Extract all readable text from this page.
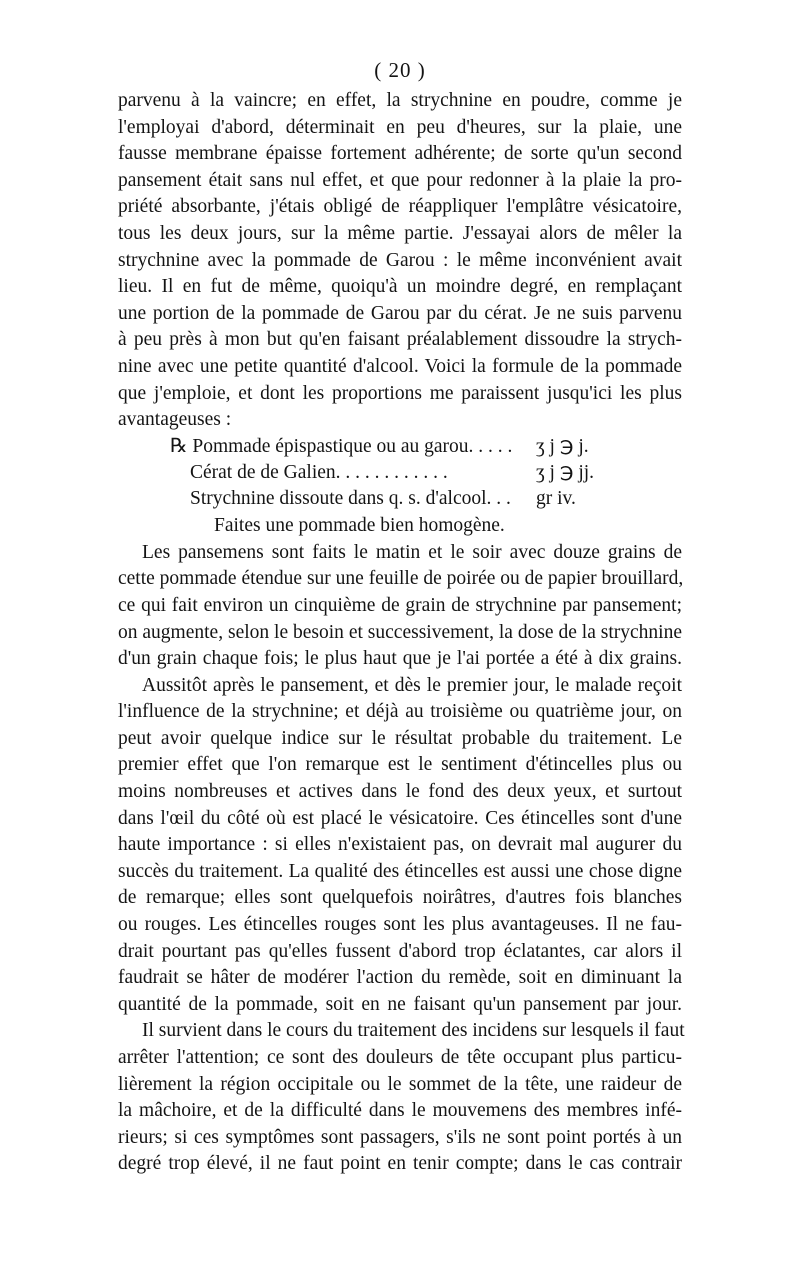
( 20 )
parvenu à la vaincre; en effet, la strychnine en poudre, comme je
l'employai d'abord, déterminait en peu d'heures, sur la plaie, une
fausse membrane épaisse fortement adhérente; de sorte qu'un second
pansement était sans nul effet, et que pour redonner à la plaie la pro-
priété absorbante, j'étais obligé de réappliquer l'emplâtre vésicatoire,
tous les deux jours, sur la même partie. J'essayai alors de mêler la
strychnine avec la pommade de Garou : le même inconvénient avait
lieu. Il en fut de même, quoiqu'à un moindre degré, en remplaçant
une portion de la pommade de Garou par du cérat. Je ne suis parvenu
à peu près à mon but qu'en faisant préalablement dissoudre la strych-
nine avec une petite quantité d'alcool. Voici la formule de la pommade
que j'emploie, et dont les proportions me paraissent jusqu'ici les plus
avantageuses :
℞ Pommade épispastique ou au garou. . . . . ʒ j ℈ j.
Cérat de de Galien. . . . . . . . . . . .	ʒ j ℈ jj.
Strychnine dissoute dans q. s. d'alcool. . . gr iv.
Faites une pommade bien homogène.
Les pansemens sont faits le matin et le soir avec douze grains de
cette pommade étendue sur une feuille de poirée ou de papier brouillard,
ce qui fait environ un cinquième de grain de strychnine par pansement;
on augmente, selon le besoin et successivement, la dose de la strychnine
d'un grain chaque fois; le plus haut que je l'ai portée a été à dix grains.
Aussitôt après le pansement, et dès le premier jour, le malade reçoit
l'influence de la strychnine; et déjà au troisième ou quatrième jour, on
peut avoir quelque indice sur le résultat probable du traitement. Le
premier effet que l'on remarque est le sentiment d'étincelles plus ou
moins nombreuses et actives dans le fond des deux yeux, et surtout
dans l'œil du côté où est placé le vésicatoire. Ces étincelles sont d'une
haute importance : si elles n'existaient pas, on devrait mal augurer du
succès du traitement. La qualité des étincelles est aussi une chose digne
de remarque; elles sont quelquefois noirâtres, d'autres fois blanches
ou rouges. Les étincelles rouges sont les plus avantageuses. Il ne fau-
drait pourtant pas qu'elles fussent d'abord trop éclatantes, car alors il
faudrait se hâter de modérer l'action du remède, soit en diminuant la
quantité de la pommade, soit en ne faisant qu'un pansement par jour.
Il survient dans le cours du traitement des incidens sur lesquels il faut
arrêter l'attention; ce sont des douleurs de tête occupant plus particu-
lièrement la région occipitale ou le sommet de la tête, une raideur de
la mâchoire, et de la difficulté dans le mouvemens des membres infé-
rieurs; si ces symptômes sont passagers, s'ils ne sont point portés à un
degré trop élevé, il ne faut point en tenir compte; dans le cas contrair
